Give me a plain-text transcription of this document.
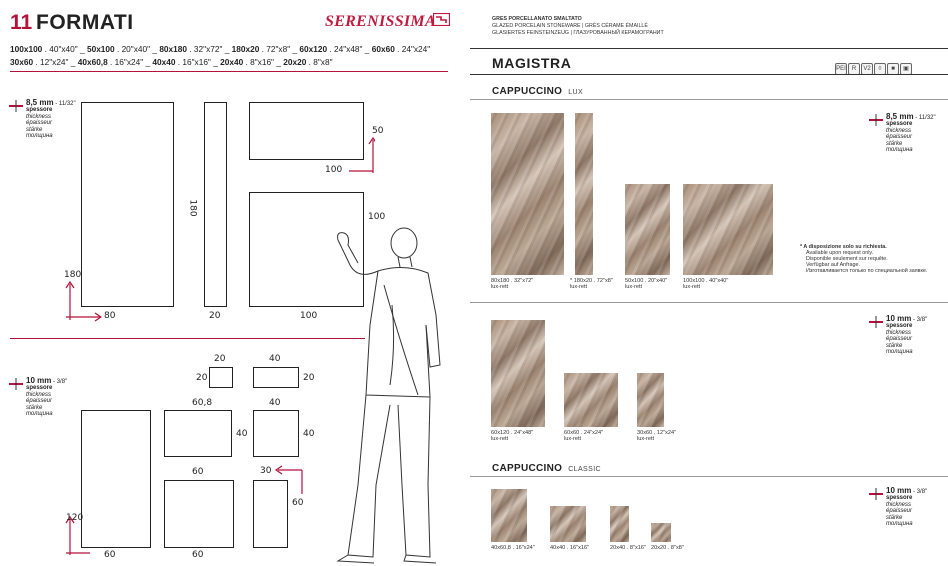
11 FORMATI	SERENISSIMA
100x100 . 40"x40" _ 50x100 . 20"x40" _ 80x180 . 32"x72" _ 180x20 . 72"x8" _ 60x120 . 24"x48" _ 60x60 . 24"x24"
30x60 . 12"x24" _ 40x60,8 . 16"x24" _ 40x40 . 16"x16" _ 20x40 . 8"x16" _ 20x20 . 8"x8"
8,5 mm - 11/32"
spessore
thickness
épaisseur
stärke
толщина
180
80
180
20
50
100
100
100
10 mm - 3/8"
spessore
thickness
épaisseur
stärke
толщина
20
20
40
20
60,8
40
40
40
120
60
60
60
30
60
GRES PORCELLANATO SMALTATO
GLAZED PORCELAIN STONEWARE | GRÈS CÉRAME ÉMAILLÉ
GLASIERTES FEINSTEINZEUG | ГЛАЗУРОВАННЫЙ КЕРАМОГРАНИТ
MAGISTRA	PEI R V2 ◊ ■ ▣
CAPPUCCINO LUX
8,5 mm - 11/32"
spessore
thickness
épaisseur
stärke
толщина
80x180 . 32"x72"
lux-rett
* 180x20 . 72"x8"
lux-rett
50x100 . 20"x40"
lux-rett
100x100 . 40"x40"
lux-rett
* A disposizione solo su richiesta.
Available upon request only.
Disponible seulement sur requête.
Verfügbar auf Anfrage.
Изготавливается только по специальной заявке.
10 mm - 3/8"
spessore
thickness
épaisseur
stärke
толщина
60x120 . 24"x48"
lux-rett
60x60 . 24"x24"
lux-rett
30x60 . 12"x24"
lux-rett
CAPPUCCINO CLASSIC
10 mm - 3/8"
spessore
thickness
épaisseur
stärke
толщина
40x60,8 . 16"x24"	40x40 . 16"x16"	20x40 . 8"x16" 20x20 . 8"x8"
